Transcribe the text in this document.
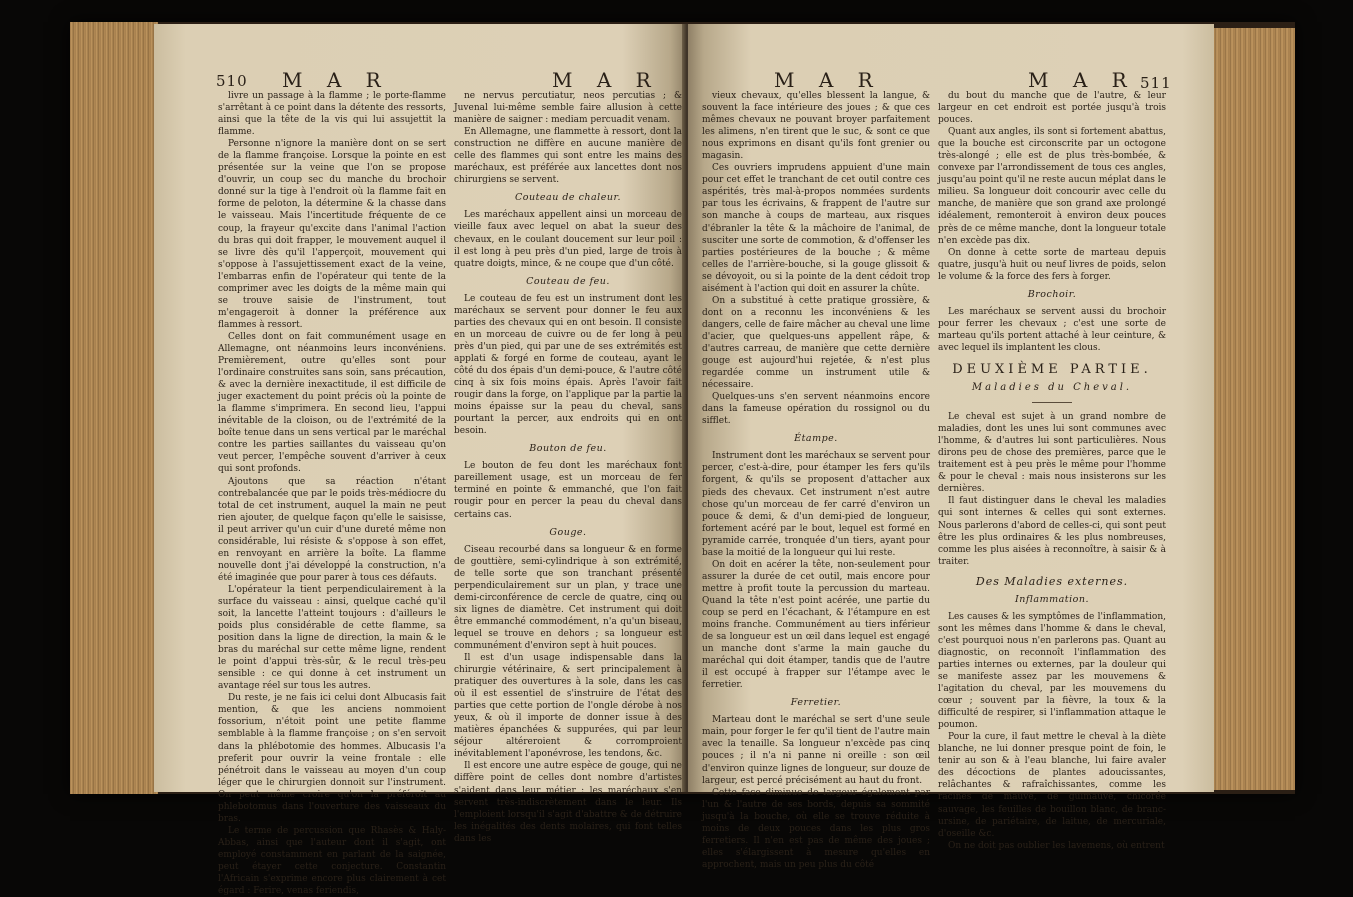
510 M A R	M A R

livre un passage à la flamme ; le porte-flamme s'arrêtant à ce point dans la détente des ressorts, ainsi que la tête de la vis qui lui assujettit la flamme.

Personne n'ignore la manière dont on se sert de la flamme françoise. Lorsque la pointe en est présentée sur la veine que l'on se propose d'ouvrir, un coup sec du manche du brochoir donné sur la tige à l'endroit où la flamme fait en forme de peloton, la détermine & la chasse dans le vaisseau. Mais l'incertitude fréquente de ce coup, la frayeur qu'excite dans l'animal l'action du bras qui doit frapper, le mouvement auquel il se livre dès qu'il l'apperçoit, mouvement qui s'oppose à l'assujettissement exact de la veine, l'embarras enfin de l'opérateur qui tente de la comprimer avec les doigts de la même main qui se trouve saisie de l'instrument, tout m'engageroit à donner la préférence aux flammes à ressort.

Celles dont on fait communément usage en Allemagne, ont néanmoins leurs inconvéniens. Premièrement, outre qu'elles sont pour l'ordinaire construites sans soin, sans précaution, & avec la dernière inexactitude, il est difficile de juger exactement du point précis où la pointe de la flamme s'imprimera. En second lieu, l'appui inévitable de la cloison, ou de l'extrémité de la boîte tenue dans un sens vertical par le maréchal contre les parties saillantes du vaisseau qu'on veut percer, l'empêche souvent d'arriver à ceux qui sont profonds.

Ajoutons que sa réaction n'étant contrebalancée que par le poids très-médiocre du total de cet instrument, auquel la main ne peut rien ajouter, de quelque façon qu'elle le saisisse, il peut arriver qu'un cuir d'une dureté même non considérable, lui résiste & s'oppose à son effet, en renvoyant en arrière la boîte. La flamme nouvelle dont j'ai développé la construction, n'a été imaginée que pour parer à tous ces défauts.

L'opérateur la tient perpendiculairement à la surface du vaisseau : ainsi, quelque caché qu'il soit, la lancette l'atteint toujours : d'ailleurs le poids plus considérable de cette flamme, sa position dans la ligne de direction, la main & le bras du maréchal sur cette même ligne, rendent le point d'appui très-sûr, & le recul très-peu sensible : ce qui donne à cet instrument un avantage réel sur tous les autres.

Du reste, je ne fais ici celui dont Albucasis fait mention, & que les anciens nommoient fossorium, n'étoit point une petite flamme semblable à la flamme françoise ; on s'en servoit dans la phlébotomie des hommes. Albucasis l'a preferit pour ouvrir la veine frontale : elle pénétroit dans le vaisseau au moyen d'un coup léger que le chirurgien donnoit sur l'instrument. On peut même croire qu'on la préféroit au phlebotomus dans l'ouverture des vaisseaux du bras.

Le terme de percussion que Rhasès & Haly-Abbas, ainsi que l'auteur dont il s'agit, ont employé constamment en parlant de la saignée, peut étayer cette conjecture. Constantin l'Africain s'exprime encore plus clairement à cet égard : Ferire, venas feriendis,

ne nervus percutiatur, neos percutias ; & Juvenal lui-même semble faire allusion à cette manière de saigner : mediam percuadit venam.

En Allemagne, une flammette à ressort, dont la construction ne diffère en aucune manière de celle des flammes qui sont entre les mains des maréchaux, est préférée aux lancettes dont nos chirurgiens se servent.

Couteau de chaleur.

Les maréchaux appellent ainsi un morceau de vieille faux avec lequel on abat la sueur des chevaux, en le coulant doucement sur leur poil : il est long à peu près d'un pied, large de trois à quatre doigts, mince, & ne coupe que d'un côté.

Couteau de feu.

Le couteau de feu est un instrument dont les maréchaux se servent pour donner le feu aux parties des chevaux qui en ont besoin. Il consiste en un morceau de cuivre ou de fer long à peu près d'un pied, qui par une de ses extrémités est applati & forgé en forme de couteau, ayant le côté du dos épais d'un demi-pouce, & l'autre côté cinq à six fois moins épais. Après l'avoir fait rougir dans la forge, on l'applique par la partie la moins épaisse sur la peau du cheval, sans pourtant la percer, aux endroits qui en ont besoin.

Bouton de feu.

Le bouton de feu dont les maréchaux font pareillement usage, est un morceau de fer terminé en pointe & emmanché, que l'on fait rougir pour en percer la peau du cheval dans certains cas.

Gouge.

Ciseau recourbé dans sa longueur & en forme de gouttière, semi-cylindrique à son extrémité, de telle sorte que son tranchant présenté perpendiculairement sur un plan, y trace une demi-circonférence de cercle de quatre, cinq ou six lignes de diamètre. Cet instrument qui doit être emmanché commodément, n'a qu'un biseau, lequel se trouve en dehors ; sa longueur est communément d'environ sept à huit pouces.

Il est d'un usage indispensable dans la chirurgie vétérinaire, & sert principalement à pratiquer des ouvertures à la sole, dans les cas où il est essentiel de s'instruire de l'état des parties que cette portion de l'ongle dérobe à nos yeux, & où il importe de donner issue à des matières épanchées & suppurées, qui par leur séjour altéreroient & corromproient inévitablement l'aponévrose, les tendons, &c.

Il est encore une autre espèce de gouge, qui ne diffère point de celles dont nombre d'artistes s'aident dans leur métier ; les maréchaux s'en servent très-indiscrètement dans le leur. Ils l'emploient lorsqu'il s'agit d'abattre & de détruire les inégalités des dents molaires, qui font telles dans les

M A R	M A R 511

vieux chevaux, qu'elles blessent la langue, & souvent la face intérieure des joues ; & que ces mêmes chevaux ne pouvant broyer parfaitement les alimens, n'en tirent que le suc, & sont ce que nous exprimons en disant qu'ils font grenier ou magasin.

Ces ouvriers imprudens appuient d'une main pour cet effet le tranchant de cet outil contre ces aspérités, très mal-à-propos nommées surdents par tous les écrivains, & frappent de l'autre sur son manche à coups de marteau, aux risques d'ébranler la tête & la mâchoire de l'animal, de susciter une sorte de commotion, & d'offenser les parties postérieures de la bouche ; & même celles de l'arrière-bouche, si la gouge glissoit & se dévoyoit, ou si la pointe de la dent cédoit trop aisément à l'action qui doit en assurer la chûte.

On a substitué à cette pratique grossière, & dont on a reconnu les inconvéniens & les dangers, celle de faire mâcher au cheval une lime d'acier, que quelques-uns appellent râpe, & d'autres carreau, de manière que cette dernière gouge est aujourd'hui rejetée, & n'est plus regardée comme un instrument utile & nécessaire.

Quelques-uns s'en servent néanmoins encore dans la fameuse opération du rossignol ou du sifflet.

Étampe.

Instrument dont les maréchaux se servent pour percer, c'est-à-dire, pour étamper les fers qu'ils forgent, & qu'ils se proposent d'attacher aux pieds des chevaux. Cet instrument n'est autre chose qu'un morceau de fer carré d'environ un pouce & demi, & d'un demi-pied de longueur, fortement acéré par le bout, lequel est formé en pyramide carrée, tronquée d'un tiers, ayant pour base la moitié de la longueur qui lui reste.

On doit en acérer la tête, non-seulement pour assurer la durée de cet outil, mais encore pour mettre à profit toute la percussion du marteau. Quand la tête n'est point acérée, une partie du coup se perd en l'écachant, & l'étampure en est moins franche. Communément au tiers inférieur de sa longueur est un œil dans lequel est engagé un manche dont s'arme la main gauche du maréchal qui doit étamper, tandis que de l'autre il est occupé à frapper sur l'étampe avec le ferretier.

Ferretier.

Marteau dont le maréchal se sert d'une seule main, pour forger le fer qu'il tient de l'autre main avec la tenaille. Sa longueur n'excède pas cinq pouces ; il n'a ni panne ni oreille : son œil d'environ quinze lignes de longueur, sur douze de largeur, est percé précisément au haut du front.

Cette face diminue de largeur également par l'un & l'autre de ses bords, depuis sa sommité jusqu'à la bouche, où elle se trouve réduite à moins de deux pouces dans les plus gros ferretiers. Il n'en est pas de même des joues ; elles s'élargissent à mesure qu'elles en approchent, mais un peu plus du côté

du bout du manche que de l'autre, & leur largeur en cet endroit est portée jusqu'à trois pouces.

Quant aux angles, ils sont si fortement abattus, que la bouche est circonscrite par un octogone très-alongé ; elle est de plus très-bombée, & convexe par l'arrondissement de tous ces angles, jusqu'au point qu'il ne reste aucun méplat dans le milieu. Sa longueur doit concourir avec celle du manche, de manière que son grand axe prolongé idéalement, remonteroit à environ deux pouces près de ce même manche, dont la longueur totale n'en excède pas dix.

On donne à cette sorte de marteau depuis quatre, jusqu'à huit ou neuf livres de poids, selon le volume & la force des fers à forger.

Brochoir.

Les maréchaux se servent aussi du brochoir pour ferrer les chevaux ; c'est une sorte de marteau qu'ils portent attaché à leur ceinture, & avec lequel ils implantent les clous.

DEUXIÈME PARTIE.
Maladies du Cheval.

Le cheval est sujet à un grand nombre de maladies, dont les unes lui sont communes avec l'homme, & d'autres lui sont particulières. Nous dirons peu de chose des premières, parce que le traitement est à peu près le même pour l'homme & pour le cheval : mais nous insisterons sur les dernières.

Il faut distinguer dans le cheval les maladies qui sont internes & celles qui sont externes. Nous parlerons d'abord de celles-ci, qui sont peut être les plus ordinaires & les plus nombreuses, comme les plus aisées à reconnoître, à saisir & à traiter.

Des Maladies externes.
Inflammation.

Les causes & les symptômes de l'inflammation, sont les mêmes dans l'homme & dans le cheval, c'est pourquoi nous n'en parlerons pas. Quant au diagnostic, on reconnoît l'inflammation des parties internes ou externes, par la douleur qui se manifeste assez par les mouvemens & l'agitation du cheval, par les mouvemens du cœur ; souvent par la fièvre, la toux & la difficulté de respirer, si l'inflammation attaque le poumon.

Pour la cure, il faut mettre le cheval à la diète blanche, ne lui donner presque point de foin, le tenir au son & à l'eau blanche, lui faire avaler des décoctions de plantes adoucissantes, relâchantes & rafraîchissantes, comme les racines de mauve, de guimauve, chicorée sauvage, les feuilles de bouillon blanc, de branc-ursine, de pariétaire, de laitue, de mercuriale, d'oseille &c.

On ne doit pas oublier les lavemens, où entrent
